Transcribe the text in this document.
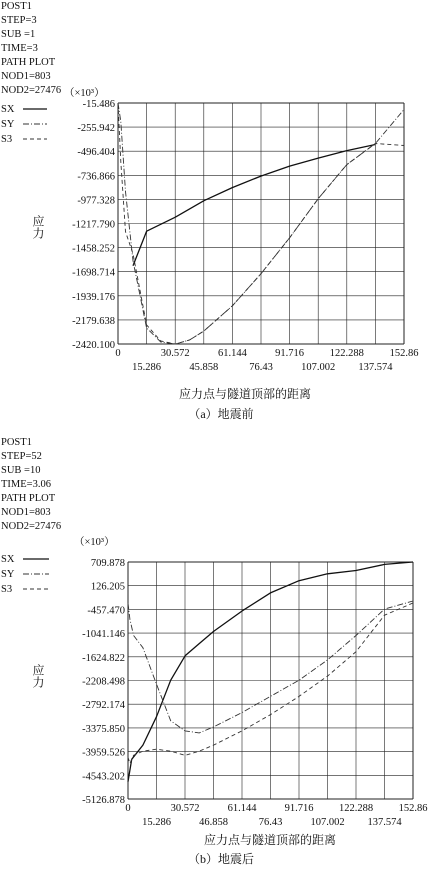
POST1
STEP=3
SUB =1
TIME=3
PATH PLOT
NOD1=803
NOD2=27476 （×10³）
SX
SY
S3
应力
-15.486
-255.942
-496.404
-736.866
-977.328
-1217.790
-1458.252
-1698.714
-1939.176
-2179.638
-2420.100
0
15.286
30.572
45.858
61.144
76.43
91.716
107.002
122.288
137.574
152.86
应力点与隧道顶部的距离
（a）地震前
POST1
STEP=52
SUB =10
TIME=3.06
PATH PLOT
NOD1=803
NOD2=27476
（×10³）
SX
SY
S3
应力
709.878
126.205
-457.470
-1041.146
-1624.822
-2208.498
-2792.174
-3375.850
-3959.526
-4543.202
-5126.878
0
15.286
30.572
46.858
61.144
76.43
91.716
107.002
122.288
137.574
152.86
应力点与隧道顶部的距离
（b）地震后
